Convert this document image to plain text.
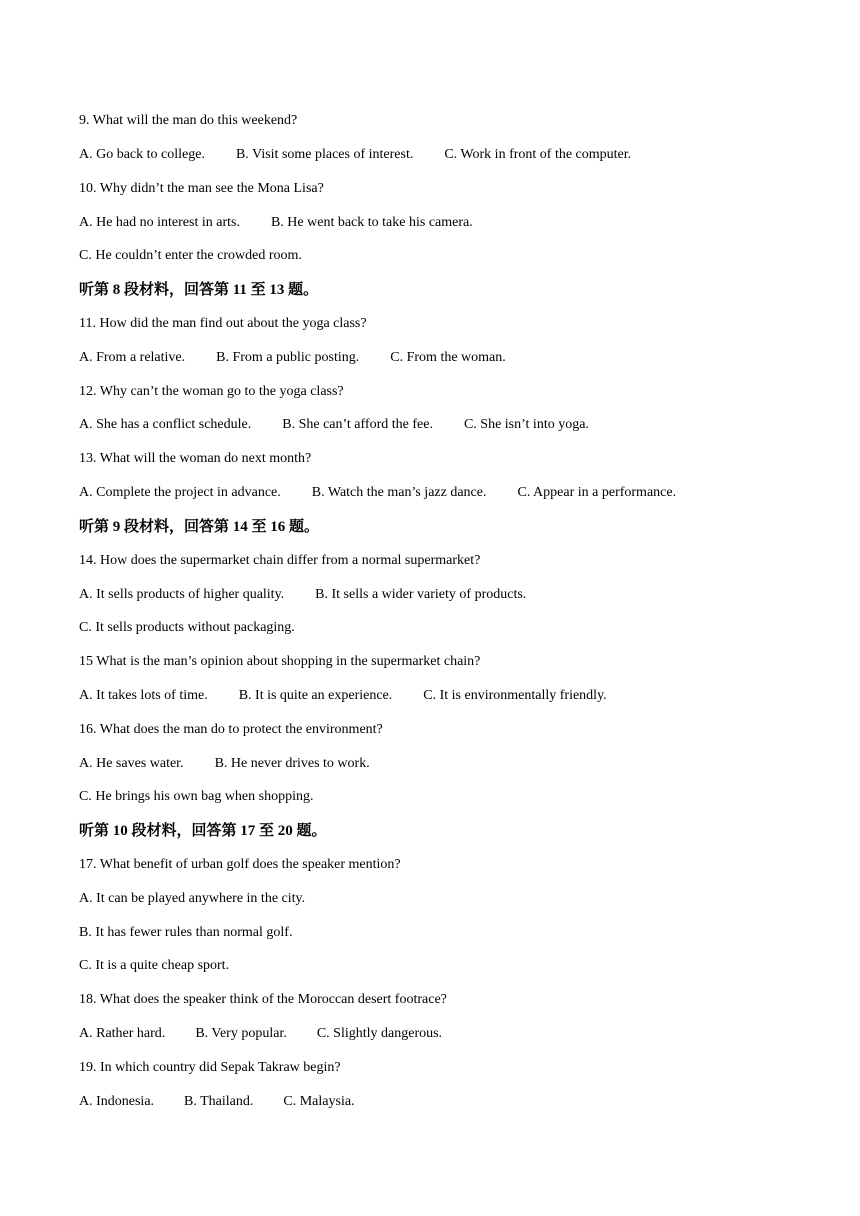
9. What will the man do this weekend?
A. Go back to college. B. Visit some places of interest. C. Work in front of the computer.
10. Why didn’t the man see the Mona Lisa?
A. He had no interest in arts. B. He went back to take his camera.
C. He couldn’t enter the crowded room.
听第 8 段材料，回答第 11 至 13 题。
11. How did the man find out about the yoga class?
A. From a relative. B. From a public posting. C. From the woman.
12. Why can’t the woman go to the yoga class?
A. She has a conflict schedule. B. She can’t afford the fee. C. She isn’t into yoga.
13. What will the woman do next month?
A. Complete the project in advance. B. Watch the man’s jazz dance. C. Appear in a performance.
听第 9 段材料，回答第 14 至 16 题。
14. How does the supermarket chain differ from a normal supermarket?
A. It sells products of higher quality. B. It sells a wider variety of products.
C. It sells products without packaging.
15 What is the man’s opinion about shopping in the supermarket chain?
A. It takes lots of time. B. It is quite an experience. C. It is environmentally friendly.
16. What does the man do to protect the environment?
A. He saves water. B. He never drives to work.
C. He brings his own bag when shopping.
听第 10 段材料，回答第 17 至 20 题。
17. What benefit of urban golf does the speaker mention?
A. It can be played anywhere in the city.
B. It has fewer rules than normal golf.
C. It is a quite cheap sport.
18. What does the speaker think of the Moroccan desert footrace?
A. Rather hard. B. Very popular. C. Slightly dangerous.
19. In which country did Sepak Takraw begin?
A. Indonesia. B. Thailand. C. Malaysia.
